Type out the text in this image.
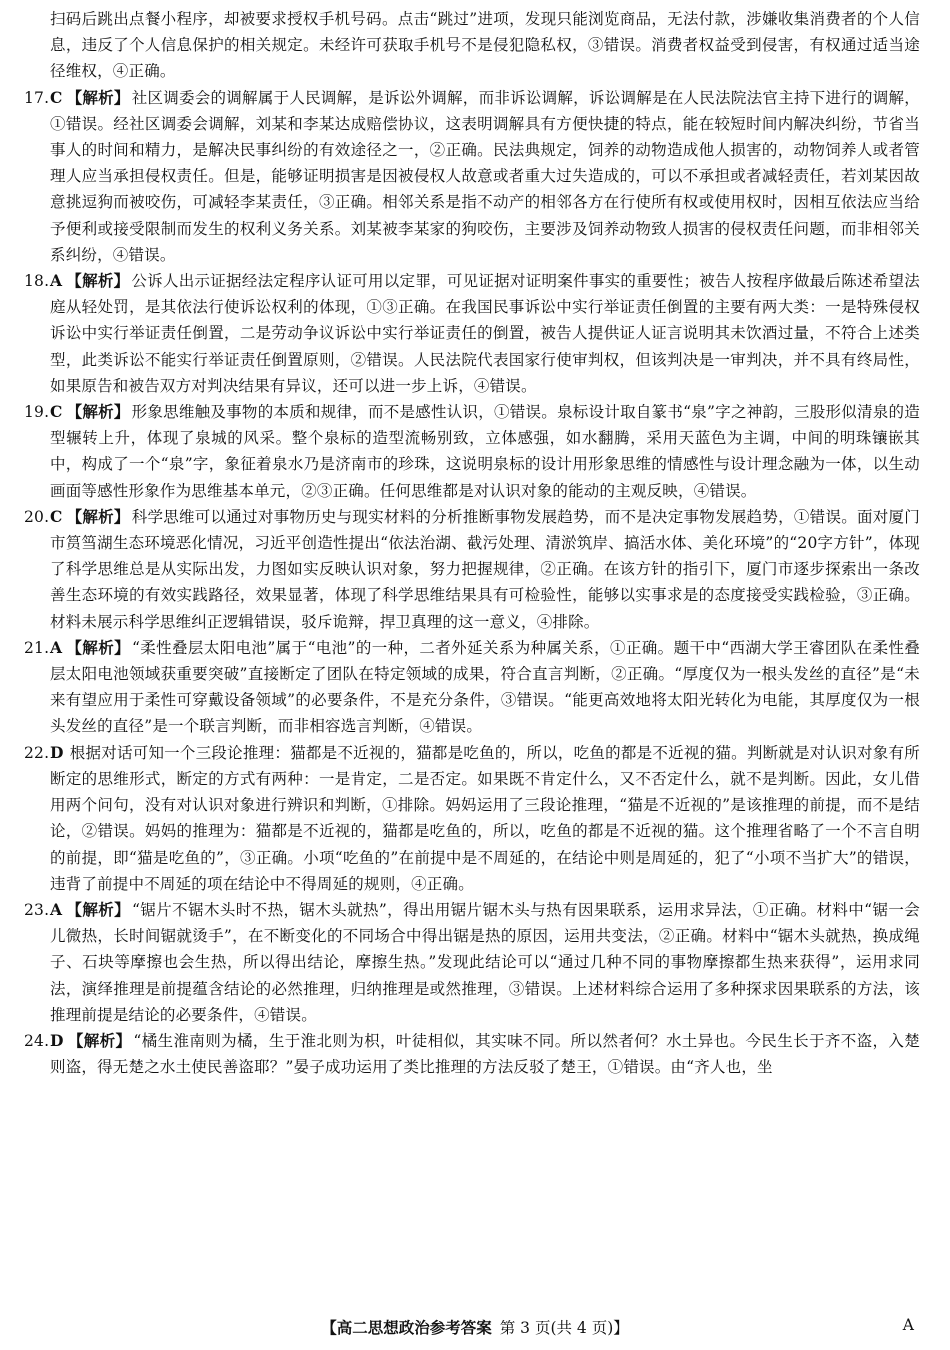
扫码后跳出点餐小程序，却被要求授权手机号码。点击“跳过”进项，发现只能浏览商品，无法付款，涉嫌收集消费者的个人信息，违反了个人信息保护的相关规定。未经许可获取手机号不是侵犯隐私权，③错误。消费者权益受到侵害，有权通过适当途径维权，④正确。

17. C 【解析】 社区调委会的调解属于人民调解，是诉讼外调解，而非诉讼调解，诉讼调解是在人民法院法官主持下进行的调解，①错误。经社区调委会调解，刘某和李某达成赔偿协议，这表明调解具有方便快捷的特点，能在较短时间内解决纠纷，节省当事人的时间和精力，是解决民事纠纷的有效途径之一，②正确。民法典规定，饲养的动物造成他人损害的，动物饲养人或者管理人应当承担侵权责任。但是，能够证明损害是因被侵权人故意或者重大过失造成的，可以不承担或者减轻责任，若刘某因故意挑逗狗而被咬伤，可减轻李某责任，③正确。相邻关系是指不动产的相邻各方在行使所有权或使用权时，因相互依法应当给予便利或接受限制而发生的权利义务关系。刘某被李某家的狗咬伤，主要涉及饲养动物致人损害的侵权责任问题，而非相邻关系纠纷，④错误。

18. A 【解析】 公诉人出示证据经法定程序认证可用以定罪，可见证据对证明案件事实的重要性；被告人按程序做最后陈述希望法庭从轻处罚，是其依法行使诉讼权利的体现，①③正确。在我国民事诉讼中实行举证责任倒置的主要有两大类：一是特殊侵权诉讼中实行举证责任倒置，二是劳动争议诉讼中实行举证责任的倒置，被告人提供证人证言说明其未饮酒过量，不符合上述类型，此类诉讼不能实行举证责任倒置原则，②错误。人民法院代表国家行使审判权，但该判决是一审判决，并不具有终局性，如果原告和被告双方对判决结果有异议，还可以进一步上诉，④错误。

19. C 【解析】 形象思维触及事物的本质和规律，而不是感性认识，①错误。泉标设计取自篆书“泉”字之神韵，三股形似清泉的造型辗转上升，体现了泉城的风采。整个泉标的造型流畅别致，立体感强，如水翻腾，采用天蓝色为主调，中间的明珠镶嵌其中，构成了一个“泉”字，象征着泉水乃是济南市的珍珠，这说明泉标的设计用形象思维的情感性与设计理念融为一体，以生动画面等感性形象作为思维基本单元，②③正确。任何思维都是对认识对象的能动的主观反映，④错误。

20. C 【解析】 科学思维可以通过对事物历史与现实材料的分析推断事物发展趋势，而不是决定事物发展趋势，①错误。面对厦门市筼筜湖生态环境恶化情况，习近平创造性提出“依法治湖、截污处理、清淤筑岸、搞活水体、美化环境”的“20字方针”，体现了科学思维总是从实际出发，力图如实反映认识对象，努力把握规律，②正确。在该方针的指引下，厦门市逐步探索出一条改善生态环境的有效实践路径，效果显著，体现了科学思维结果具有可检验性，能够以实事求是的态度接受实践检验，③正确。材料未展示科学思维纠正逻辑错误，驳斥诡辩，捍卫真理的这一意义，④排除。

21. A 【解析】 “柔性叠层太阳电池”属于“电池”的一种，二者外延关系为种属关系，①正确。题干中“西湖大学王睿团队在柔性叠层太阳电池领域获重要突破”直接断定了团队在特定领域的成果，符合直言判断，②正确。“厚度仅为一根头发丝的直径”是“未来有望应用于柔性可穿戴设备领域”的必要条件，不是充分条件，③错误。“能更高效地将太阳光转化为电能，其厚度仅为一根头发丝的直径”是一个联言判断，而非相容选言判断，④错误。

22. D 根据对话可知一个三段论推理：猫都是不近视的，猫都是吃鱼的，所以，吃鱼的都是不近视的猫。判断就是对认识对象有所断定的思维形式，断定的方式有两种：一是肯定，二是否定。如果既不肯定什么，又不否定什么，就不是判断。因此，女儿借用两个问句，没有对认识对象进行辨识和判断，①排除。妈妈运用了三段论推理，“猫是不近视的”是该推理的前提，而不是结论，②错误。妈妈的推理为：猫都是不近视的，猫都是吃鱼的，所以，吃鱼的都是不近视的猫。这个推理省略了一个不言自明的前提，即“猫是吃鱼的”，③正确。小项“吃鱼的”在前提中是不周延的，在结论中则是周延的，犯了“小项不当扩大”的错误，违背了前提中不周延的项在结论中不得周延的规则，④正确。

23. A 【解析】 “锯片不锯木头时不热，锯木头就热”，得出用锯片锯木头与热有因果联系，运用求异法，①正确。材料中“锯一会儿微热，长时间锯就烫手”，在不断变化的不同场合中得出锯是热的原因，运用共变法，②正确。材料中“锯木头就热，换成绳子、石块等摩擦也会生热，所以得出结论，摩擦生热。”发现此结论可以“通过几种不同的事物摩擦都生热来获得”，运用求同法，演绎推理是前提蕴含结论的必然推理，归纳推理是或然推理，③错误。上述材料综合运用了多种探求因果联系的方法，该推理前提是结论的必要条件，④错误。

24. D 【解析】 “橘生淮南则为橘，生于淮北则为枳，叶徒相似，其实味不同。所以然者何？水土异也。今民生长于齐不盗，入楚则盗，得无楚之水土使民善盗耶？”晏子成功运用了类比推理的方法反驳了楚王，①错误。由“齐人也，坐

【高二思想政治参考答案 第 3 页(共 4 页)】	A
